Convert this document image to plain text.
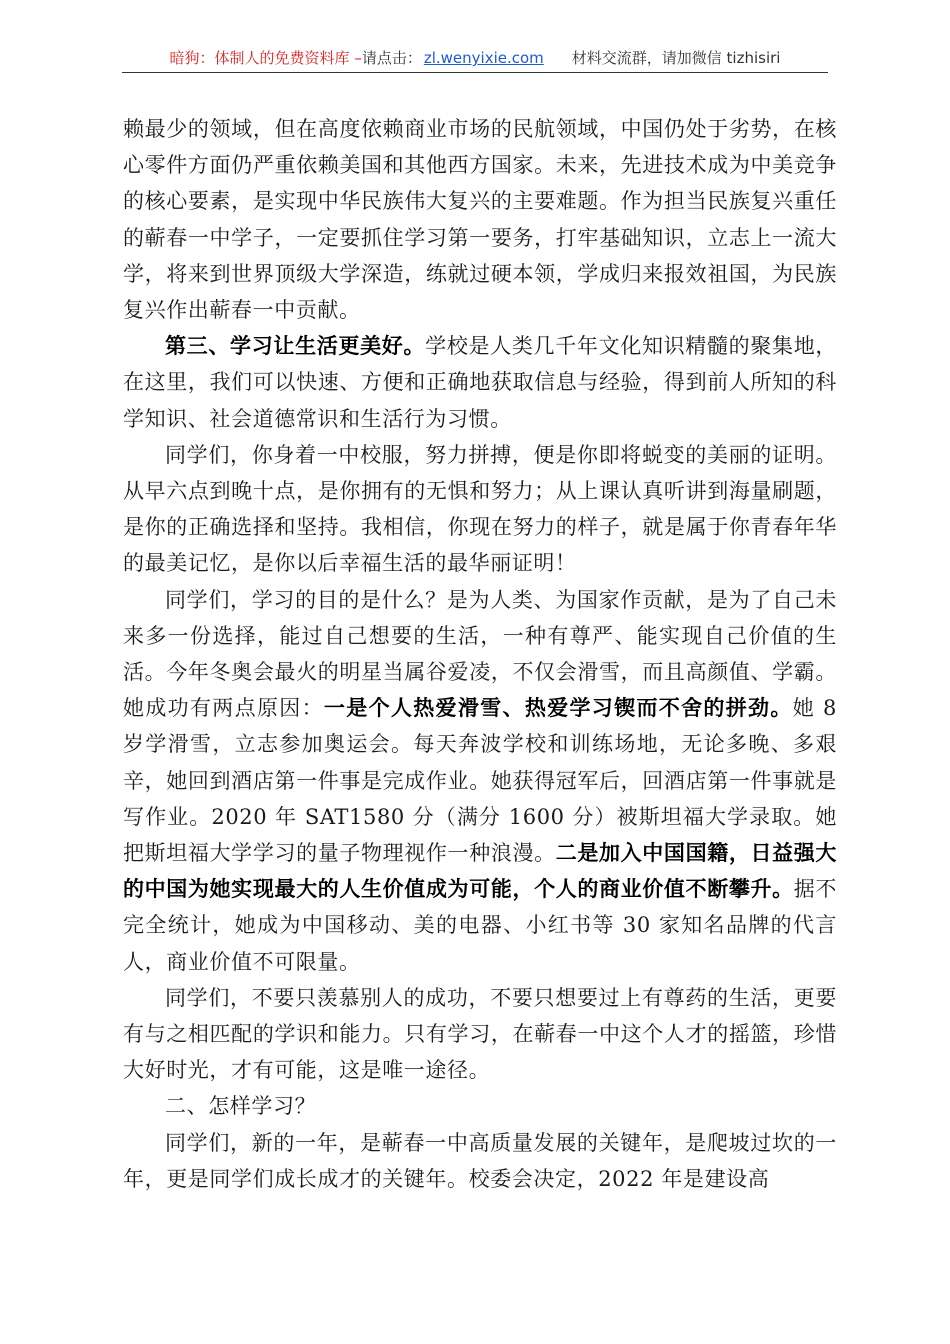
暗狗：体制人的免费资料库 –请点击： zl.wenyixie.com 材料交流群，请加微信 tizhisiri

赖最少的领域，但在高度依赖商业市场的民航领域，中国仍处于劣势，在核心零件方面仍严重依赖美国和其他西方国家。未来，先进技术成为中美竞争的核心要素，是实现中华民族伟大复兴的主要难题。作为担当民族复兴重任的蕲春一中学子，一定要抓住学习第一要务，打牢基础知识，立志上一流大学，将来到世界顶级大学深造，练就过硬本领，学成归来报效祖国，为民族复兴作出蕲春一中贡献。

第三、学习让生活更美好。学校是人类几千年文化知识精髓的聚集地，在这里，我们可以快速、方便和正确地获取信息与经验，得到前人所知的科学知识、社会道德常识和生活行为习惯。

同学们，你身着一中校服，努力拼搏，便是你即将蜕变的美丽的证明。从早六点到晚十点，是你拥有的无惧和努力；从上课认真听讲到海量刷题，是你的正确选择和坚持。我相信，你现在努力的样子，就是属于你青春年华的最美记忆，是你以后幸福生活的最华丽证明！

同学们，学习的目的是什么？是为人类、为国家作贡献，是为了自己未来多一份选择，能过自己想要的生活，一种有尊严、能实现自己价值的生活。今年冬奥会最火的明星当属谷爱凌，不仅会滑雪，而且高颜值、学霸。她成功有两点原因：一是个人热爱滑雪、热爱学习锲而不舍的拼劲。她 8 岁学滑雪，立志参加奥运会。每天奔波学校和训练场地，无论多晚、多艰辛，她回到酒店第一件事是完成作业。她获得冠军后，回酒店第一件事就是写作业。2020 年 SAT1580 分（满分 1600 分）被斯坦福大学录取。她把斯坦福大学学习的量子物理视作一种浪漫。二是加入中国国籍，日益强大的中国为她实现最大的人生价值成为可能，个人的商业价值不断攀升。据不完全统计，她成为中国移动、美的电器、小红书等 30 家知名品牌的代言人，商业价值不可限量。

同学们，不要只羡慕别人的成功，不要只想要过上有尊药的生活，更要有与之相匹配的学识和能力。只有学习，在蕲春一中这个人才的摇篮，珍惜大好时光，才有可能，这是唯一途径。

二、怎样学习？

同学们，新的一年，是蕲春一中高质量发展的关键年，是爬坡过坎的一年，更是同学们成长成才的关键年。校委会决定，2022 年是建设高
